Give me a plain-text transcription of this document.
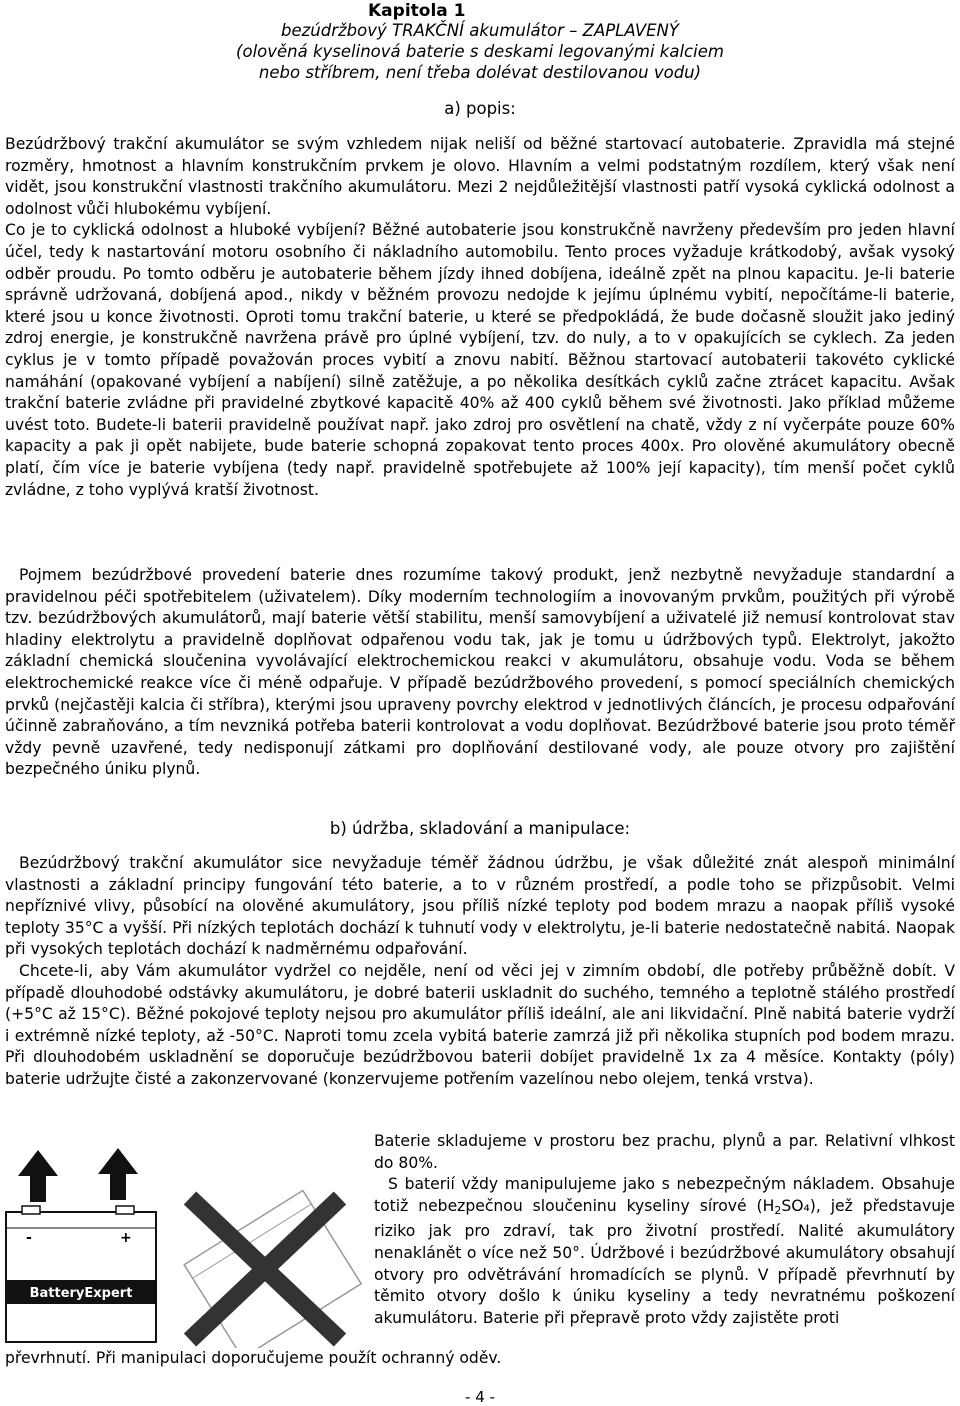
Kapitola 1
bezúdržbový TRAKČNÍ akumulátor – ZAPLAVENÝ
(olověná kyselinová baterie s deskami legovanými kalciem
nebo stříbrem, není třeba dolévat destilovanou vodu)
a) popis:

Bezúdržbový trakční akumulátor se svým vzhledem nijak neliší od běžné startovací autobaterie. Zpravidla má stejné rozměry, hmotnost a hlavním konstrukčním prvkem je olovo. Hlavním a velmi podstatným rozdílem, který však není vidět, jsou konstrukční vlastnosti trakčního akumulátoru. Mezi 2 nejdůležitější vlastnosti patří vysoká cyklická odolnost a odolnost vůči hlubokému vybíjení.

Co je to cyklická odolnost a hluboké vybíjení? Běžné autobaterie jsou konstrukčně navrženy především pro jeden hlavní účel, tedy k nastartování motoru osobního či nákladního automobilu. Tento proces vyžaduje krátkodobý, avšak vysoký odběr proudu. Po tomto odběru je autobaterie během jízdy ihned dobíjena, ideálně zpět na plnou kapacitu. Je-li baterie správně udržovaná, dobíjená apod., nikdy v běžném provozu nedojde k jejímu úplnému vybití, nepočítáme-li baterie, které jsou u konce životnosti. Oproti tomu trakční baterie, u které se předpokládá, že bude dočasně sloužit jako jediný zdroj energie, je konstrukčně navržena právě pro úplné vybíjení, tzv. do nuly, a to v opakujících se cyklech. Za jeden cyklus je v tomto případě považován proces vybití a znovu nabití. Běžnou startovací autobaterii takovéto cyklické namáhání (opakované vybíjení a nabíjení) silně zatěžuje, a po několika desítkách cyklů začne ztrácet kapacitu. Avšak trakční baterie zvládne při pravidelné zbytkové kapacitě 40% až 400 cyklů během své životnosti. Jako příklad můžeme uvést toto. Budete-li baterii pravidelně používat např. jako zdroj pro osvětlení na chatě, vždy z ní vyčerpáte pouze 60% kapacity a pak ji opět nabijete, bude baterie schopná zopakovat tento proces 400x. Pro olověné akumulátory obecně platí, čím více je baterie vybíjena (tedy např. pravidelně spotřebujete až 100% její kapacity), tím menší počet cyklů zvládne, z toho vyplývá kratší životnost.

Pojmem bezúdržbové provedení baterie dnes rozumíme takový produkt, jenž nezbytně nevyžaduje standardní a pravidelnou péči spotřebitelem (uživatelem). Díky moderním technologiím a inovovaným prvkům, použitých při výrobě tzv. bezúdržbových akumulátorů, mají baterie větší stabilitu, menší samovybíjení a uživatelé již nemusí kontrolovat stav hladiny elektrolytu a pravidelně doplňovat odpařenou vodu tak, jak je tomu u údržbových typů. Elektrolyt, jakožto základní chemická sloučenina vyvolávající elektrochemickou reakci v akumulátoru, obsahuje vodu. Voda se během elektrochemické reakce více či méně odpařuje. V případě bezúdržbového provedení, s pomocí speciálních chemických prvků (nejčastěji kalcia či stříbra), kterými jsou upraveny povrchy elektrod v jednotlivých článcích, je procesu odpařování účinně zabraňováno, a tím nevzniká potřeba baterii kontrolovat a vodu doplňovat. Bezúdržbové baterie jsou proto téměř vždy pevně uzavřené, tedy nedisponují zátkami pro doplňování destilované vody, ale pouze otvory pro zajištění bezpečného úniku plynů.

b) údržba, skladování a manipulace:

Bezúdržbový trakční akumulátor sice nevyžaduje téměř žádnou údržbu, je však důležité znát alespoň minimální vlastnosti a základní principy fungování této baterie, a to v různém prostředí, a podle toho se přizpůsobit. Velmi nepříznivé vlivy, působící na olověné akumulátory, jsou příliš nízké teploty pod bodem mrazu a naopak příliš vysoké teploty 35°C a vyšší. Při nízkých teplotách dochází k tuhnutí vody v elektrolytu, je-li baterie nedostatečně nabitá. Naopak při vysokých teplotách dochází k nadměrnému odpařování.

Chcete-li, aby Vám akumulátor vydržel co nejděle, není od věci jej v zimním období, dle potřeby průběžně dobít. V případě dlouhodobé odstávky akumulátoru, je dobré baterii uskladnit do suchého, temného a teplotně stálého prostředí (+5°C až 15°C). Běžné pokojové teploty nejsou pro akumulátor příliš ideální, ale ani likvidační. Plně nabitá baterie vydrží i extrémně nízké teploty, až -50°C. Naproti tomu zcela vybitá baterie zamrzá již při několika stupních pod bodem mrazu. Při dlouhodobém uskladnění se doporučuje bezúdržbovou baterii dobíjet pravidelně 1x za 4 měsíce. Kontakty (póly) baterie udržujte čisté a zakonzervované (konzervujeme potřením vazelínou nebo olejem, tenká vrstva).

-	+
BatteryExpert

Baterie skladujeme v prostoru bez prachu, plynů a par. Relativní vlhkost do 80%.

S baterií vždy manipulujeme jako s nebezpečným nákladem. Obsahuje totiž nebezpečnou sloučeninu kyseliny sírové (H2SO₄), jež představuje riziko jak pro zdraví, tak pro životní prostředí. Nalité akumulátory nenaklánět o více než 50°. Údržbové i bezúdržbové akumulátory obsahují otvory pro odvětrávání hromadících se plynů. V případě převrhnutí by těmito otvory došlo k úniku kyseliny a tedy nevratnému poškození akumulátoru. Baterie při přepravě proto vždy zajistěte proti

převrhnutí. Při manipulaci doporučujeme použít ochranný oděv.
- 4 -
